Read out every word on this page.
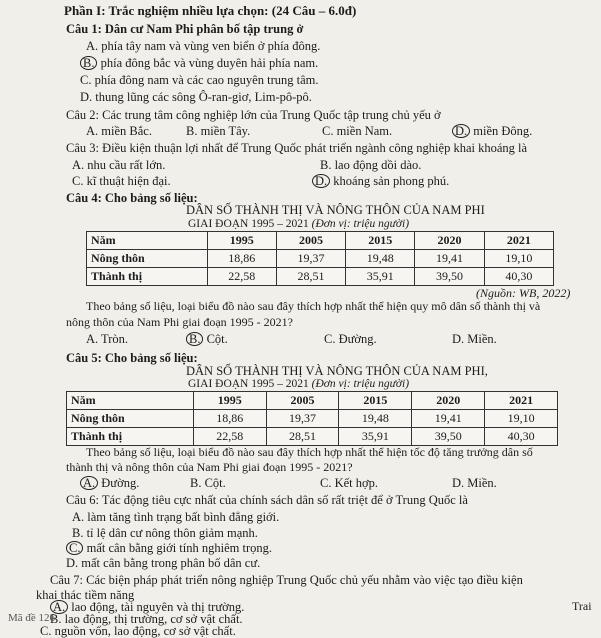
Phần I: Trắc nghiệm nhiều lựa chọn: (24 Câu – 6.0đ)
Câu 1: Dân cư Nam Phi phân bố tập trung ở
A. phía tây nam và vùng ven biển ở phía đông.
B. phía đông bắc và vùng duyên hải phía nam.
C. phía đông nam và các cao nguyên trung tâm.
D. thung lũng các sông Ô-ran-giơ, Lim-pô-pô.
Câu 2: Các trung tâm công nghiệp lớn của Trung Quốc tập trung chủ yếu ở
A. miền Bắc.	B. miền Tây.	C. miền Nam.	D. miền Đông.
Câu 3: Điều kiện thuận lợi nhất để Trung Quốc phát triển ngành công nghiệp khai khoáng là
A. nhu cầu rất lớn.	B. lao động dồi dào.
C. kĩ thuật hiện đại.	D. khoáng sản phong phú.
Câu 4: Cho bảng số liệu:
DÂN SỐ THÀNH THỊ VÀ NÔNG THÔN CỦA NAM PHI
GIAI ĐOẠN 1995 – 2021 (Đơn vị: triệu người)
Năm	1995	2005	2015	2020	2021
Nông thôn	18,86	19,37	19,48	19,41	19,10
Thành thị	22,58	28,51	35,91	39,50	40,30
(Nguồn: WB, 2022)
Theo bảng số liệu, loại biểu đồ nào sau đây thích hợp nhất thể hiện quy mô dân số thành thị và
nông thôn của Nam Phi giai đoạn 1995 - 2021?
A. Tròn.	B. Cột.	C. Đường.	D. Miền.
Câu 5: Cho bảng số liệu:
DÂN SỐ THÀNH THỊ VÀ NÔNG THÔN CỦA NAM PHI,
GIAI ĐOẠN 1995 – 2021 (Đơn vị: triệu người)
Năm	1995	2005	2015	2020	2021
Nông thôn	18,86	19,37	19,48	19,41	19,10
Thành thị	22,58	28,51	35,91	39,50	40,30
Theo bảng số liệu, loại biểu đồ nào sau đây thích hợp nhất thể hiện tốc độ tăng trưởng dân số
thành thị và nông thôn của Nam Phi giai đoạn 1995 - 2021?
A. Đường.	B. Cột.	C. Kết hợp.	D. Miền.
Câu 6: Tác động tiêu cực nhất của chính sách dân số rất triệt để ở Trung Quốc là
A. làm tăng tình trạng bất bình đẳng giới.
B. tỉ lệ dân cư nông thôn giảm mạnh.
C. mất cân bằng giới tính nghiêm trọng.
D. mất cân bằng trong phân bố dân cư.
Câu 7: Các biện pháp phát triển nông nghiệp Trung Quốc chủ yếu nhằm vào việc tạo điều kiện
khai thác tiềm năng
A. lao động, tài nguyên và thị trường.
B. lao động, thị trường, cơ sở vật chất.
C. nguồn vốn, lao động, cơ sở vật chất.
Trai
Mã đề 126
